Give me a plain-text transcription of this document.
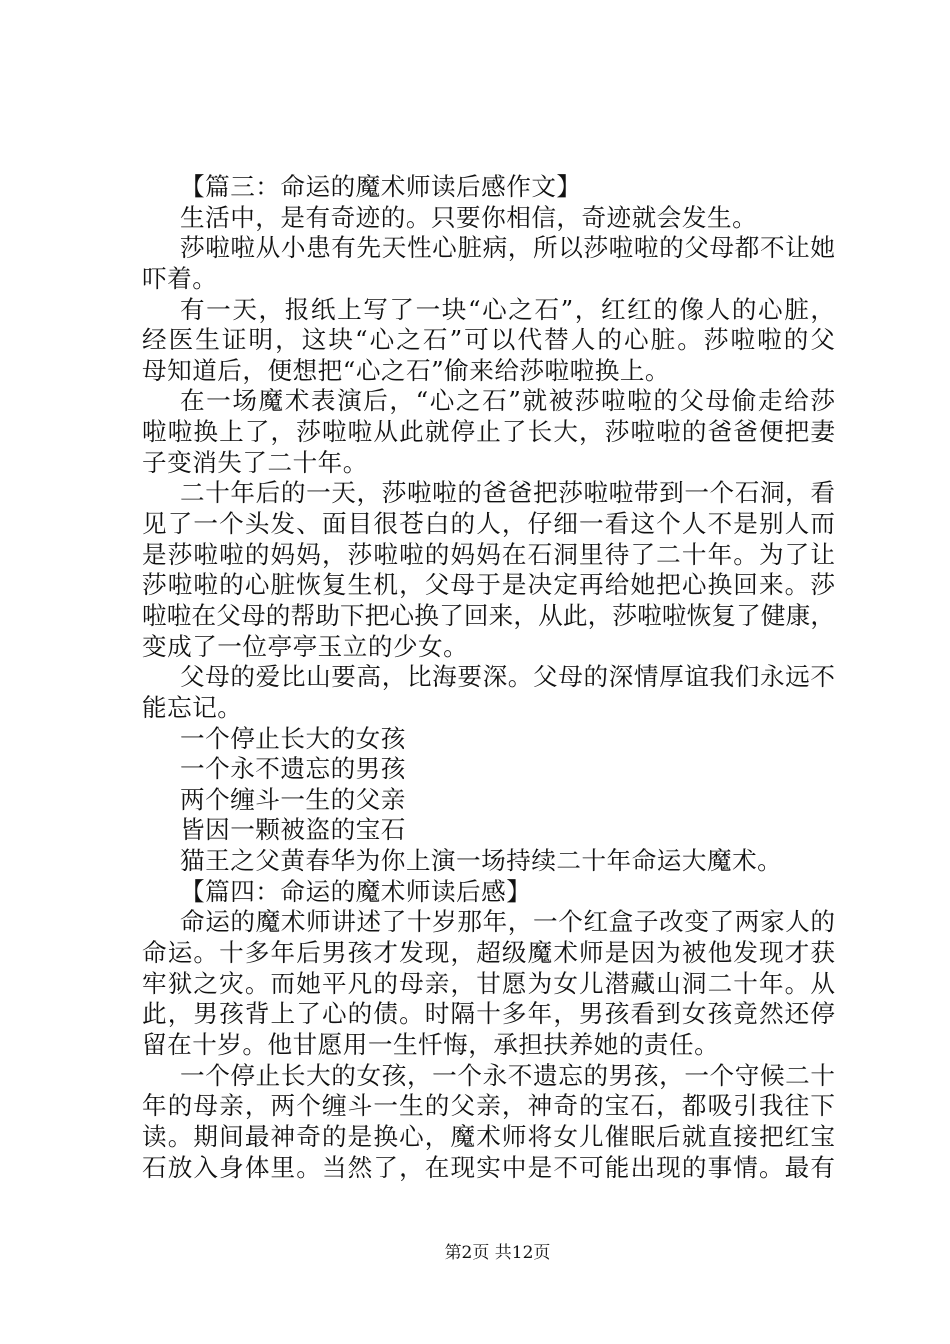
【篇三：命运的魔术师读后感作文】
生活中，是有奇迹的。只要你相信，奇迹就会发生。
莎啦啦从小患有先天性心脏病，所以莎啦啦的父母都不让她
吓着。
有一天，报纸上写了一块“心之石”，红红的像人的心脏，
经医生证明，这块“心之石”可以代替人的心脏。莎啦啦的父
母知道后，便想把“心之石”偷来给莎啦啦换上。
在一场魔术表演后，“心之石”就被莎啦啦的父母偷走给莎
啦啦换上了，莎啦啦从此就停止了长大，莎啦啦的爸爸便把妻
子变消失了二十年。
二十年后的一天，莎啦啦的爸爸把莎啦啦带到一个石洞，看
见了一个头发、面目很苍白的人，仔细一看这个人不是别人而
是莎啦啦的妈妈，莎啦啦的妈妈在石洞里待了二十年。为了让
莎啦啦的心脏恢复生机，父母于是决定再给她把心换回来。莎
啦啦在父母的帮助下把心换了回来，从此，莎啦啦恢复了健康，
变成了一位亭亭玉立的少女。
父母的爱比山要高，比海要深。父母的深情厚谊我们永远不
能忘记。
一个停止长大的女孩
一个永不遗忘的男孩
两个缠斗一生的父亲
皆因一颗被盗的宝石
猫王之父黄春华为你上演一场持续二十年命运大魔术。
【篇四：命运的魔术师读后感】
命运的魔术师讲述了十岁那年，一个红盒子改变了两家人的
命运。十多年后男孩才发现，超级魔术师是因为被他发现才获
牢狱之灾。而她平凡的母亲，甘愿为女儿潜藏山洞二十年。从
此，男孩背上了心的债。时隔十多年，男孩看到女孩竟然还停
留在十岁。他甘愿用一生忏悔，承担扶养她的责任。
一个停止长大的女孩，一个永不遗忘的男孩，一个守候二十
年的母亲，两个缠斗一生的父亲，神奇的宝石，都吸引我往下
读。期间最神奇的是换心，魔术师将女儿催眠后就直接把红宝
石放入身体里。当然了，在现实中是不可能出现的事情。最有
第2页 共12页
